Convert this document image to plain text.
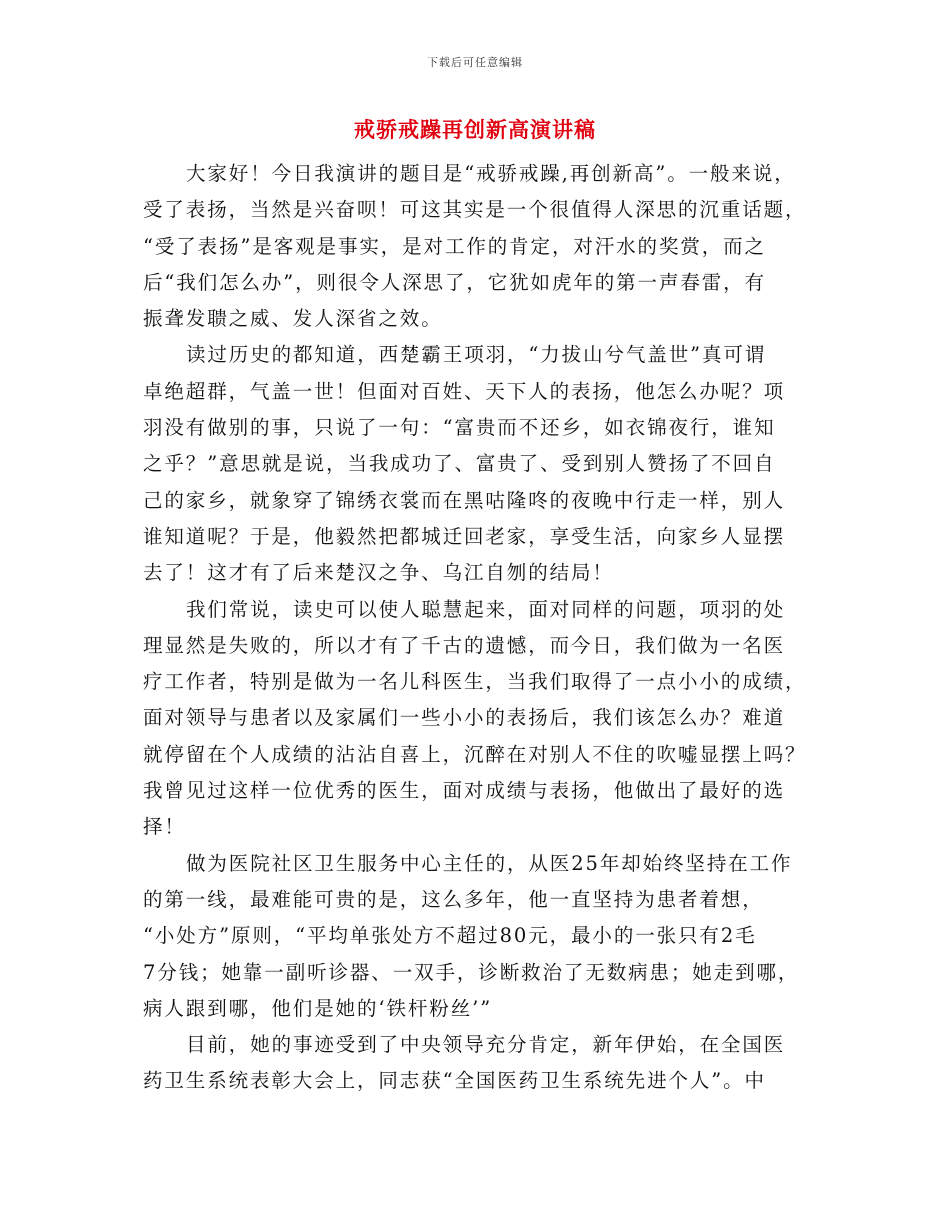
下载后可任意编辑
戒骄戒躁再创新高演讲稿
大家好！今日我演讲的题目是“戒骄戒躁,再创新高”。一般来说，
受了表扬，当然是兴奋呗！可这其实是一个很值得人深思的沉重话题，
“受了表扬”是客观是事实，是对工作的肯定，对汗水的奖赏，而之
后“我们怎么办”，则很令人深思了，它犹如虎年的第一声春雷，有
振聋发聩之威、发人深省之效。
读过历史的都知道，西楚霸王项羽，“力拔山兮气盖世”真可谓
卓绝超群，气盖一世！但面对百姓、天下人的表扬，他怎么办呢？项
羽没有做别的事，只说了一句：“富贵而不还乡，如衣锦夜行，谁知
之乎？”意思就是说，当我成功了、富贵了、受到别人赞扬了不回自
己的家乡，就象穿了锦绣衣裳而在黑咕隆咚的夜晚中行走一样，别人
谁知道呢？于是，他毅然把都城迁回老家，享受生活，向家乡人显摆
去了！这才有了后来楚汉之争、乌江自刎的结局！
我们常说，读史可以使人聪慧起来，面对同样的问题，项羽的处
理显然是失败的，所以才有了千古的遗憾，而今日，我们做为一名医
疗工作者，特别是做为一名儿科医生，当我们取得了一点小小的成绩，
面对领导与患者以及家属们一些小小的表扬后，我们该怎么办？难道
就停留在个人成绩的沾沾自喜上，沉醉在对别人不住的吹嘘显摆上吗？
我曾见过这样一位优秀的医生，面对成绩与表扬，他做出了最好的选
择！
做为医院社区卫生服务中心主任的，从医25年却始终坚持在工作
的第一线，最难能可贵的是，这么多年，他一直坚持为患者着想，
“小处方”原则，“平均单张处方不超过80元，最小的一张只有2毛
7分钱；她靠一副听诊器、一双手，诊断救治了无数病患；她走到哪，
病人跟到哪，他们是她的‘铁杆粉丝’”
目前，她的事迹受到了中央领导充分肯定，新年伊始，在全国医
药卫生系统表彰大会上，同志获“全国医药卫生系统先进个人”。中
